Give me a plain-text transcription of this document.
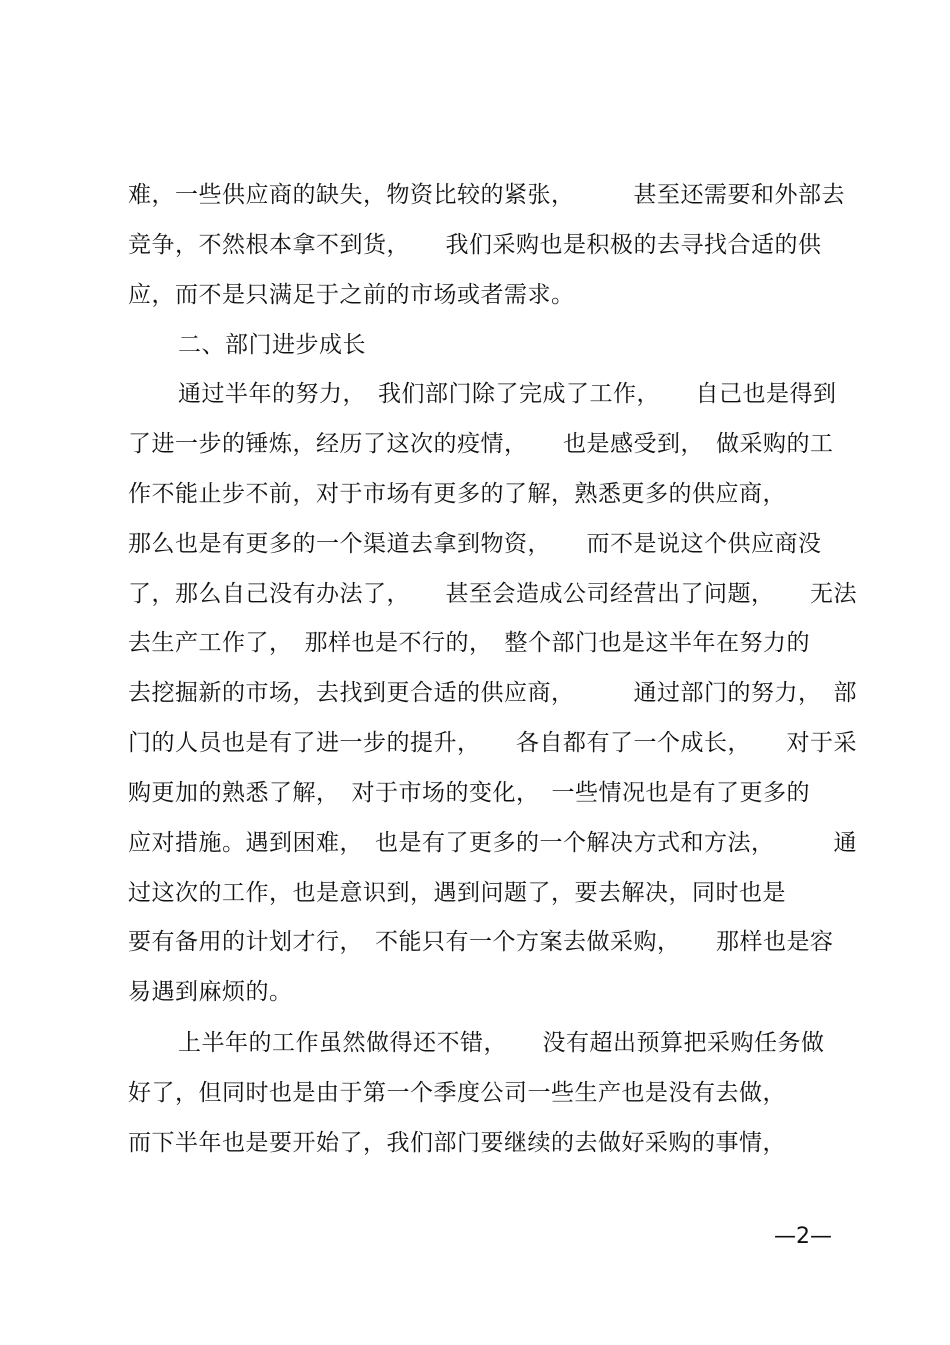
难，一些供应商的缺失，物资比较的紧张，　　　甚至还需要和外部去
竞争，不然根本拿不到货，　　我们采购也是积极的去寻找合适的供
应，而不是只满足于之前的市场或者需求。
二、部门进步成长
通过半年的努力，　我们部门除了完成了工作，　　自己也是得到
了进一步的锤炼，经历了这次的疫情，　　也是感受到，　做采购的工
作不能止步不前，对于市场有更多的了解，熟悉更多的供应商，
那么也是有更多的一个渠道去拿到物资，　　而不是说这个供应商没
了，那么自己没有办法了，　　甚至会造成公司经营出了问题，　　无法
去生产工作了，　那样也是不行的，　整个部门也是这半年在努力的
去挖掘新的市场，去找到更合适的供应商，　　　通过部门的努力，　部
门的人员也是有了进一步的提升，　　各自都有了一个成长，　　对于采
购更加的熟悉了解，　对于市场的变化，　一些情况也是有了更多的
应对措施。遇到困难，　也是有了更多的一个解决方式和方法，　　　通
过这次的工作，也是意识到，遇到问题了，要去解决，同时也是
要有备用的计划才行，　不能只有一个方案去做采购，　　那样也是容
易遇到麻烦的。
上半年的工作虽然做得还不错，　　没有超出预算把采购任务做
好了，但同时也是由于第一个季度公司一些生产也是没有去做，
而下半年也是要开始了，我们部门要继续的去做好采购的事情，
—2—
